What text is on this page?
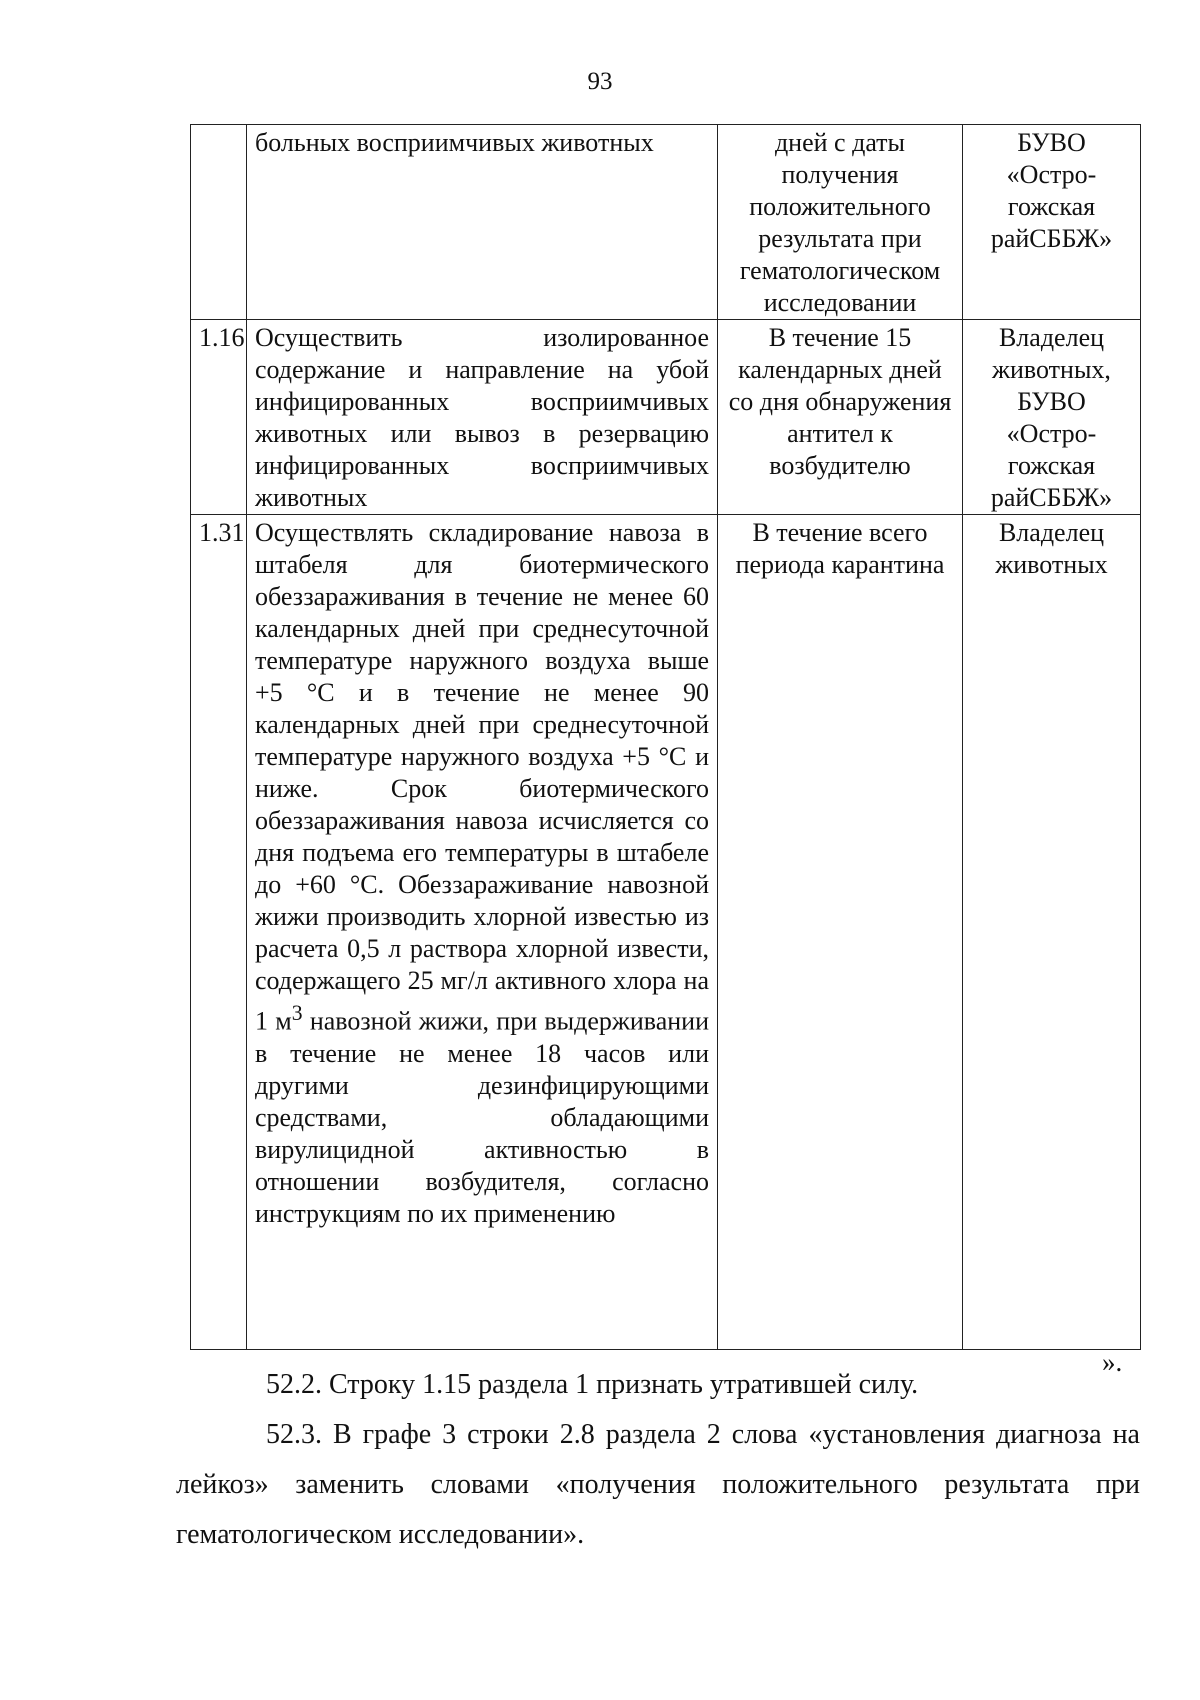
93
	больных восприимчивых животных	дней с даты получения положительного результата при гематологическом исследовании	БУВО «Остро-гожская райСББЖ»
1.16	Осуществить изолированное содержание и направление на убой инфицированных восприимчивых животных или вывоз в резервацию инфицированных восприимчивых животных	В течение 15 календарных дней со дня обнаружения антител к возбудителю	Владелец животных, БУВО «Остро-гожская райСББЖ»
1.31	Осуществлять складирование навоза в штабеля для биотермического обеззараживания в течение не менее 60 календарных дней при среднесуточной температуре наружного воздуха выше +5 °С и в течение не менее 90 календарных дней при среднесуточной температуре наружного воздуха +5 °С и ниже. Срок биотермического обеззараживания навоза исчисляется со дня подъема его температуры в штабеле до +60 °С. Обеззараживание навозной жижи производить хлорной известью из расчета 0,5 л раствора хлорной извести, содержащего 25 мг/л активного хлора на 1 $м^3$ навозной жижи, при выдерживании в течение не менее 18 часов или другими дезинфицирующими средствами, обладающими вирулицидной активностью в отношении возбудителя, согласно инструкциям по их применению	В течение всего периода карантина	Владелец животных
».

52.2. Строку 1.15 раздела 1 признать утратившей силу.

52.3. В графе 3 строки 2.8 раздела 2 слова «установления диагноза на лейкоз» заменить словами «получения положительного результата при гематологическом исследовании».
